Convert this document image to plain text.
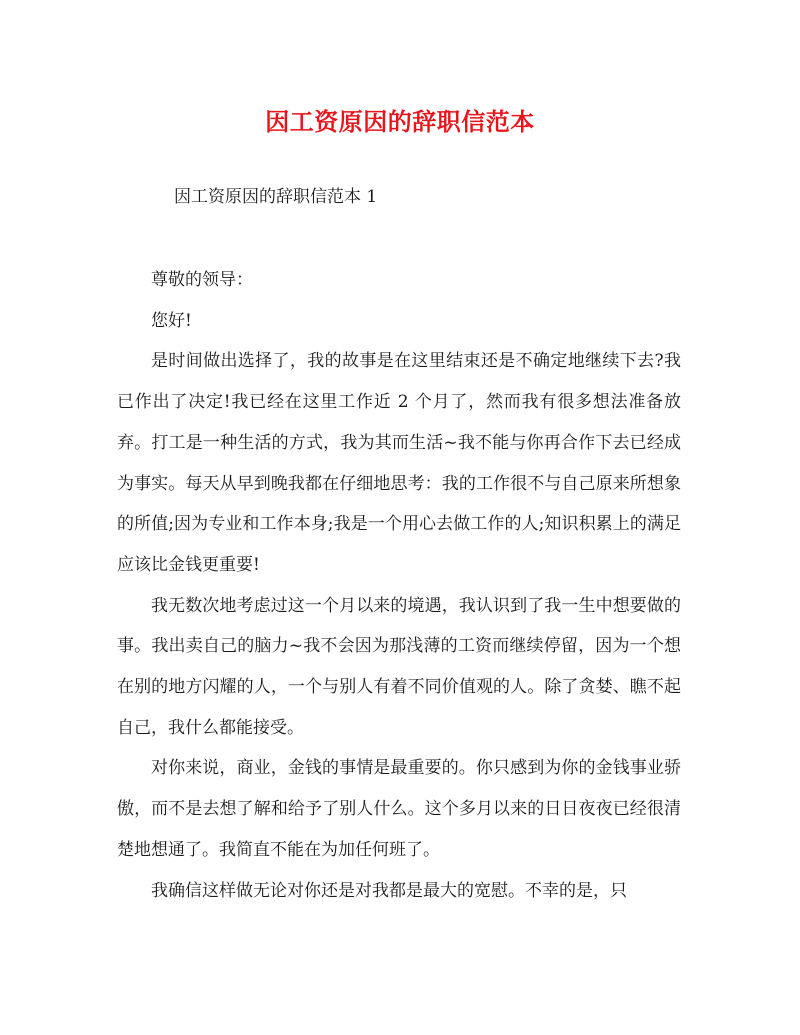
因工资原因的辞职信范本
因工资原因的辞职信范本 1

尊敬的领导：

您好!

是时间做出选择了，我的故事是在这里结束还是不确定地继续下去?我已作出了决定!我已经在这里工作近 2 个月了，然而我有很多想法准备放弃。打工是一种生活的方式，我为其而生活~我不能与你再合作下去已经成为事实。每天从早到晚我都在仔细地思考：我的工作很不与自己原来所想象的所值;因为专业和工作本身;我是一个用心去做工作的人;知识积累上的满足应该比金钱更重要!

我无数次地考虑过这一个月以来的境遇，我认识到了我一生中想要做的事。我出卖自己的脑力~我不会因为那浅薄的工资而继续停留，因为一个想在别的地方闪耀的人，一个与别人有着不同价值观的人。除了贪婪、瞧不起自己，我什么都能接受。

对你来说，商业，金钱的事情是最重要的。你只感到为你的金钱事业骄傲，而不是去想了解和给予了别人什么。这个多月以来的日日夜夜已经很清楚地想通了。我简直不能在为加任何班了。

我确信这样做无论对你还是对我都是最大的宽慰。不幸的是，只
